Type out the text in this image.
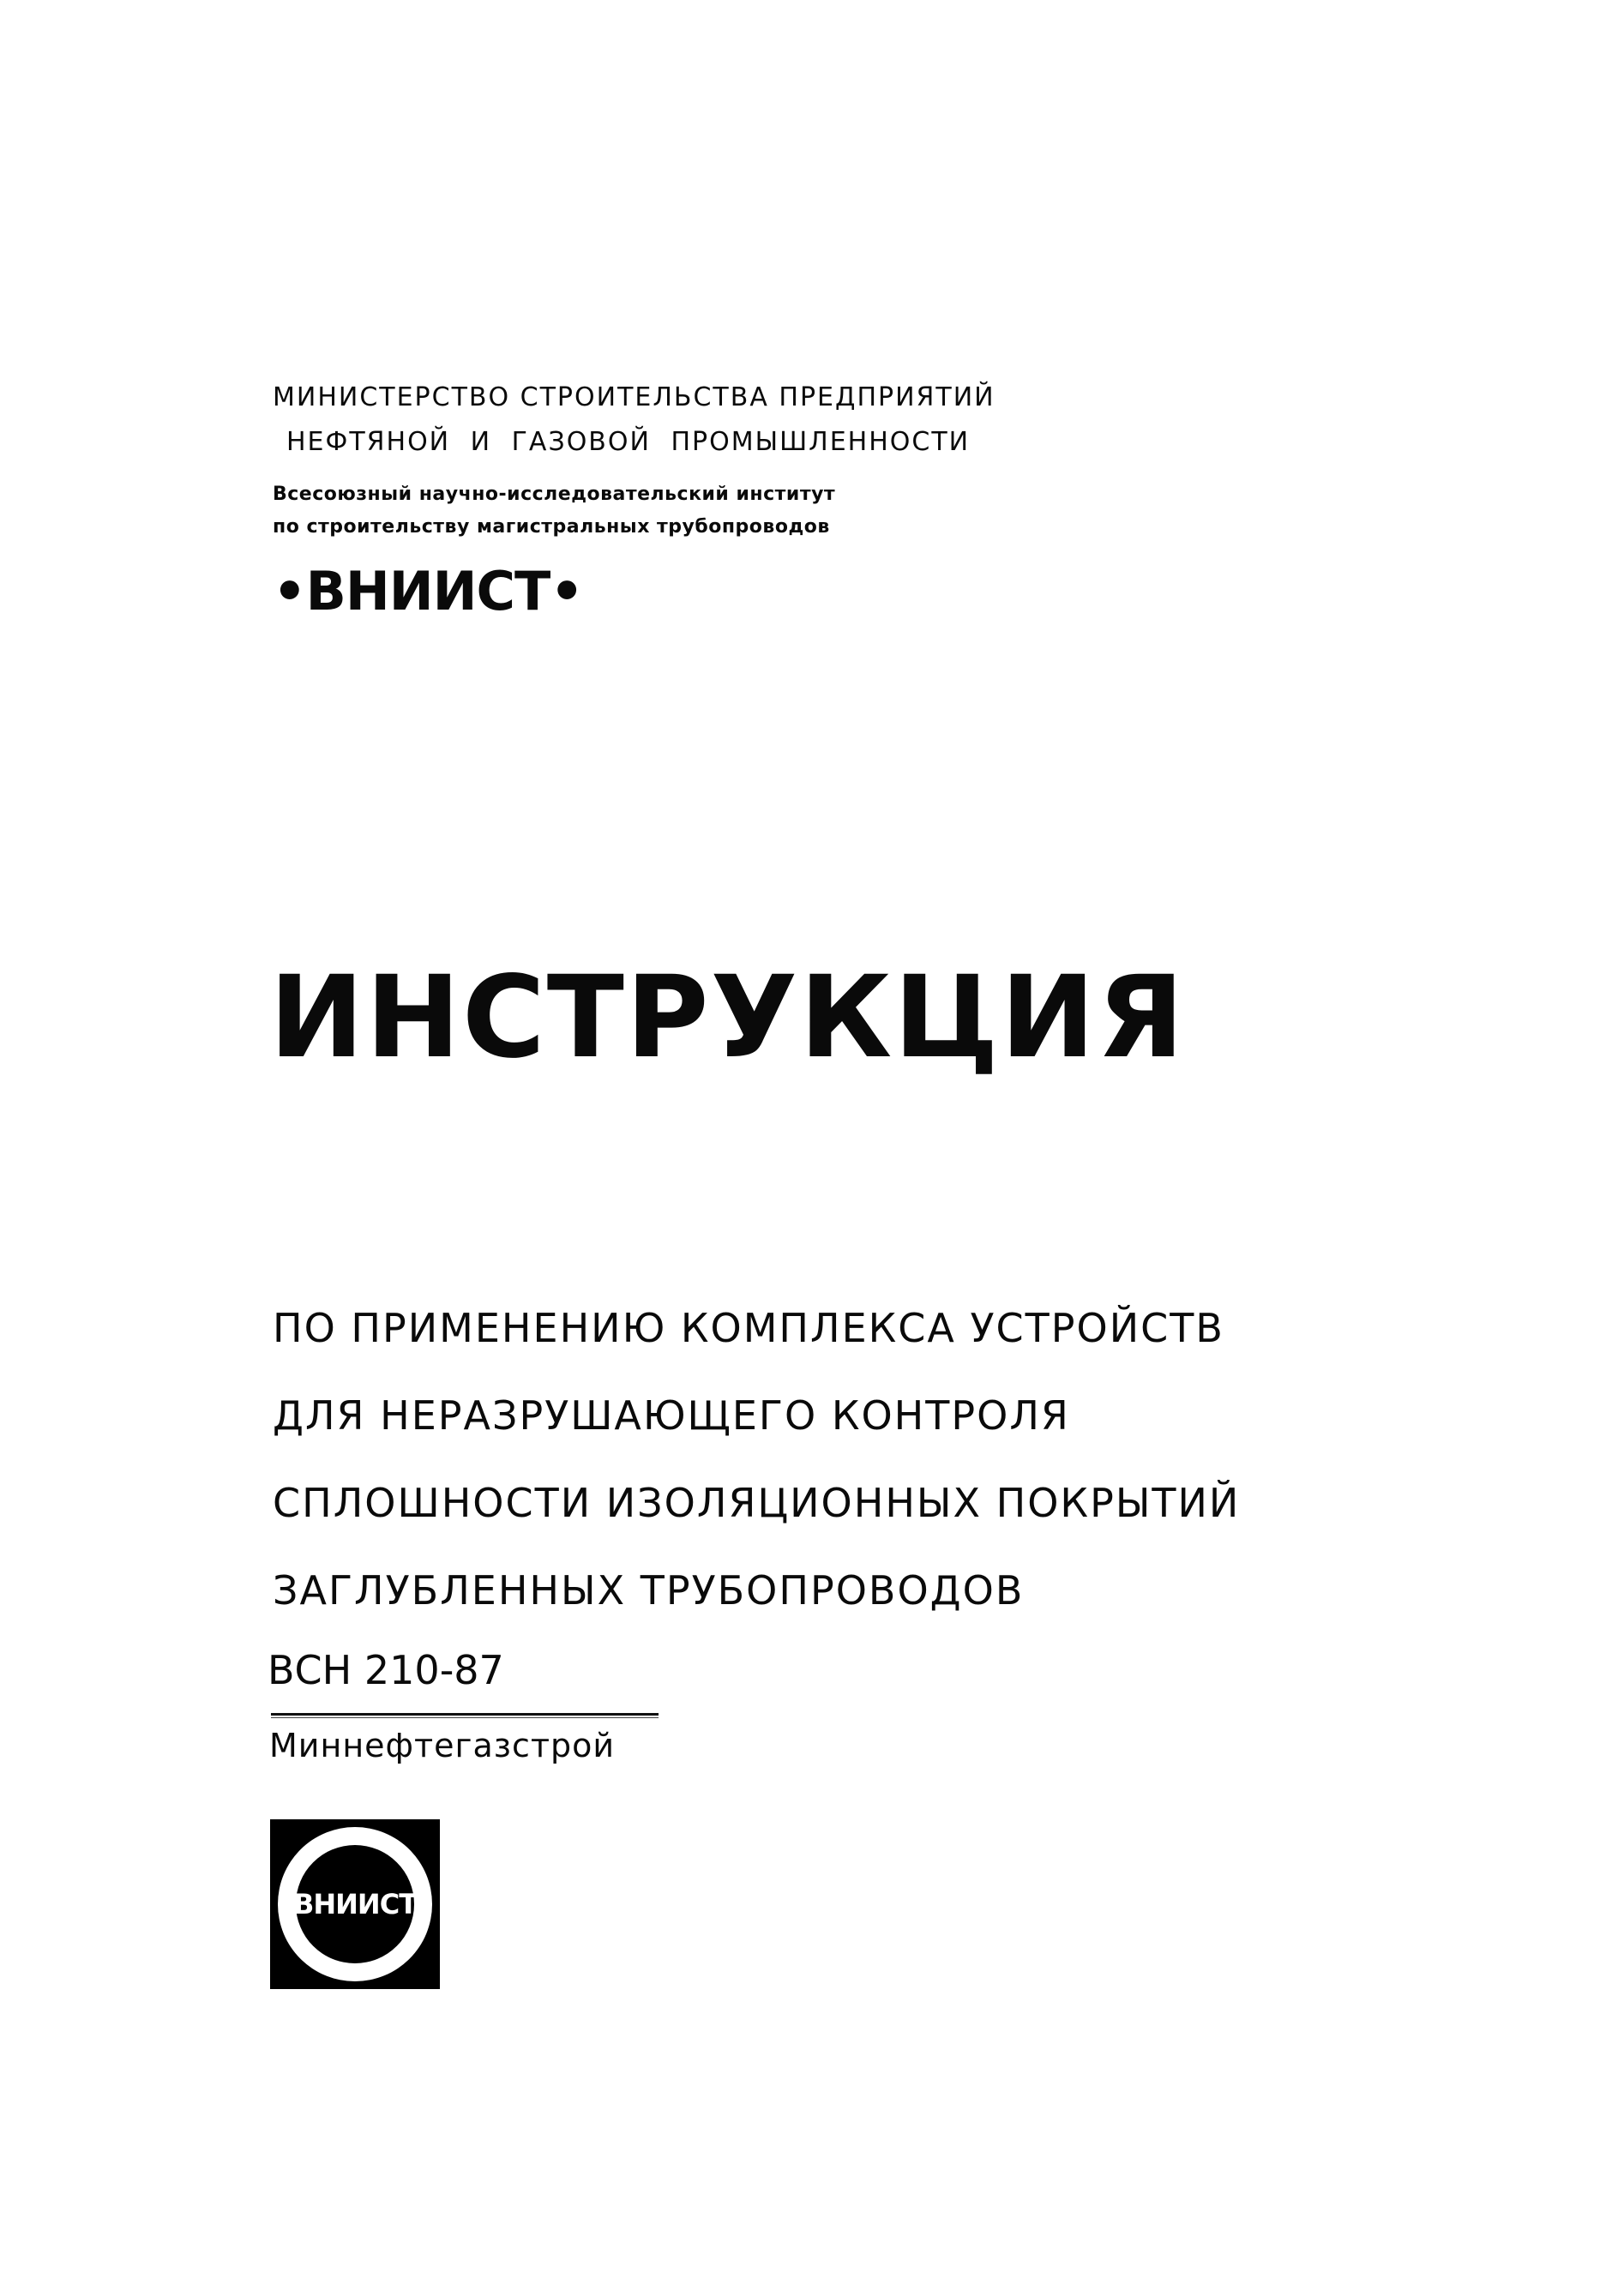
МИНИСТЕРСТВО СТРОИТЕЛЬСТВА ПРЕДПРИЯТИЙ
НЕФТЯНОЙ И ГАЗОВОЙ ПРОМЫШЛЕННОСТИ
Всесоюзный научно-исследовательский институт
по строительству магистральных трубопроводов
•ВНИИСТ•
ИНСТРУКЦИЯ
ПО ПРИМЕНЕНИЮ КОМПЛЕКСА УСТРОЙСТВ
ДЛЯ НЕРАЗРУШАЮЩЕГО КОНТРОЛЯ
СПЛОШНОСТИ ИЗОЛЯЦИОННЫХ ПОКРЫТИЙ
ЗАГЛУБЛЕННЫХ ТРУБОПРОВОДОВ
ВСН 210-87
Миннефтегазстрой
ВНИИСТ
